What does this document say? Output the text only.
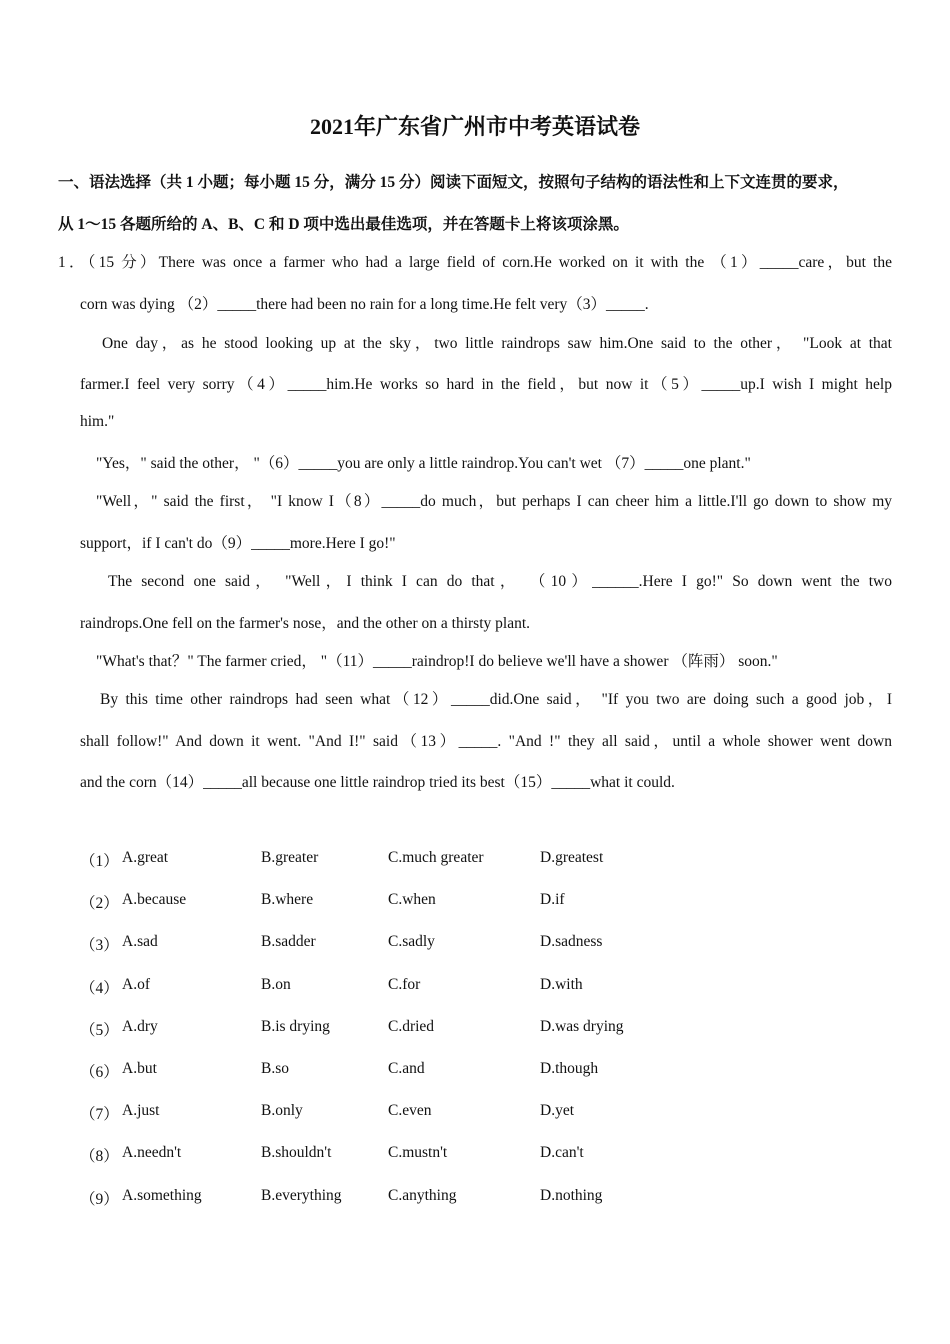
2021年广东省广州市中考英语试卷
一、语法选择（共 1 小题；每小题 15 分，满分 15 分）阅读下面短文，按照句子结构的语法性和上下文连贯的要求，
从 1～15 各题所给的 A、B、C 和 D 项中选出最佳选项，并在答题卡上将该项涂黑。
1．（15 分）There was once a farmer who had a large field of corn.He worked on it with the （1）_____care，but the
corn was dying （2）_____there had been no rain for a long time.He felt very（3）_____.
One day，as he stood looking up at the sky，two little raindrops saw him.One said to the other， "Look at that
farmer.I feel very sorry（4）_____him.He works so hard in the field，but now it（5）_____up.I wish I might help
him."
"Yes，" said the other， "（6）_____you are only a little raindrop.You can't wet （7）_____one plant."
"Well，" said the first， "I know I（8）_____do much，but perhaps I can cheer him a little.I'll go down to show my
support，if I can't do（9）_____more.Here I go!"
The second one said， "Well，I think I can do that， （10）______.Here I go!" So down went the two
raindrops.One fell on the farmer's nose，and the other on a thirsty plant.
"What's that？" The farmer cried， "（11）_____raindrop!I do believe we'll have a shower （阵雨） soon."
By this time other raindrops had seen what（12）_____did.One said， "If you two are doing such a good job，I
shall follow!" And down it went. "And I!" said（13）_____. "And !" they all said，until a whole shower went down
and the corn（14）_____all because one little raindrop tried its best（15）_____what it could.
（1） A.great	B.greater	C.much greater	D.greatest
（2） A.because	B.where	C.when	D.if
（3） A.sad	B.sadder	C.sadly	D.sadness
（4） A.of	B.on	C.for	D.with
（5） A.dry	B.is drying	C.dried	D.was drying
（6） A.but	B.so	C.and	D.though
（7） A.just	B.only	C.even	D.yet
（8） A.needn't	B.shouldn't	C.mustn't	D.can't
（9） A.something	B.everything	C.anything	D.nothing
